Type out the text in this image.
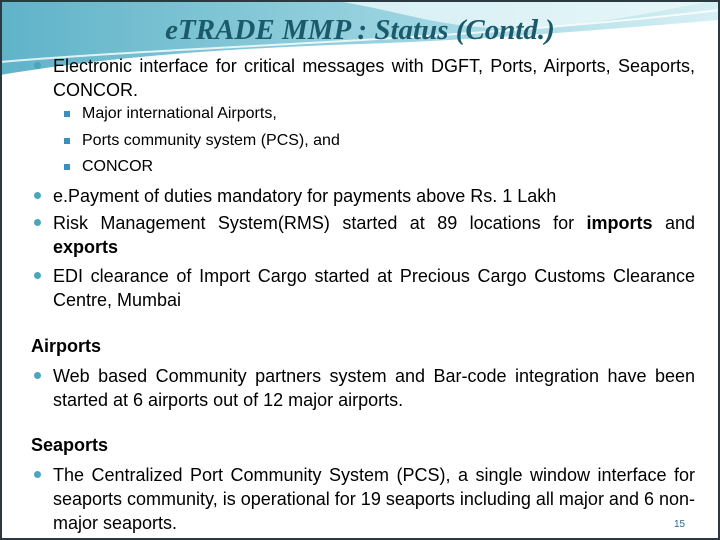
eTRADE MMP : Status (Contd.)
Electronic interface for critical messages with DGFT, Ports, Airports, Seaports, CONCOR.
Major international Airports,
Ports community system (PCS), and
CONCOR
e.Payment of duties mandatory for payments above Rs. 1 Lakh
Risk Management System(RMS) started at 89 locations for imports and exports
EDI clearance of Import Cargo started at Precious Cargo Customs Clearance Centre, Mumbai
Airports
Web based Community partners system and Bar-code integration have been started at 6 airports out of 12 major airports.
Seaports
The Centralized Port Community System (PCS), a single window interface for seaports community, is operational for 19 seaports including all major and 6 non-major seaports.	15
